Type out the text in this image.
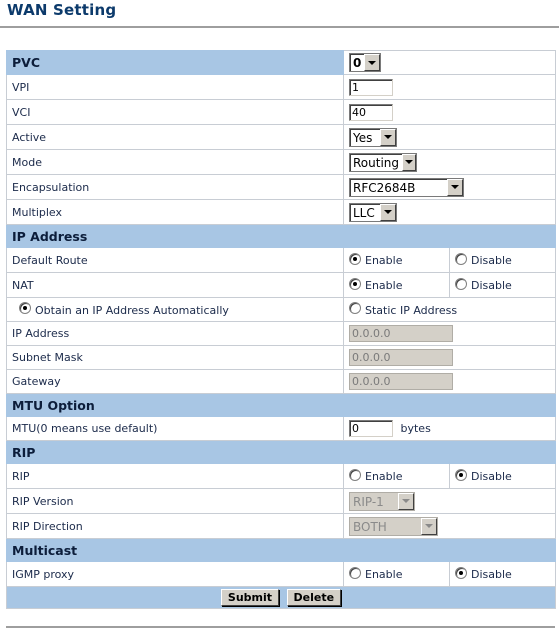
WAN Setting
PVC	0	

VPI	1	
VCI	40	
Active	Yes	

Mode	Routing	

Encapsulation	RFC2684B	

Multiplex	LLC	

IP Address		
Default Route	Enable	Disable

NAT	Enable	Disable

Obtain an IP Address Automatically	Static IP Address	

IP Address	0.0.0.0	
Subnet Mask	0.0.0.0	
Gateway	0.0.0.0	
MTU Option		
MTU(0 means use default)	0 bytes	
RIP		
RIP	Enable	Disable

RIP Version	RIP-1	

RIP Direction	BOTH	

Multicast		
IGMP proxy	Enable	Disable

Submit Delete		
